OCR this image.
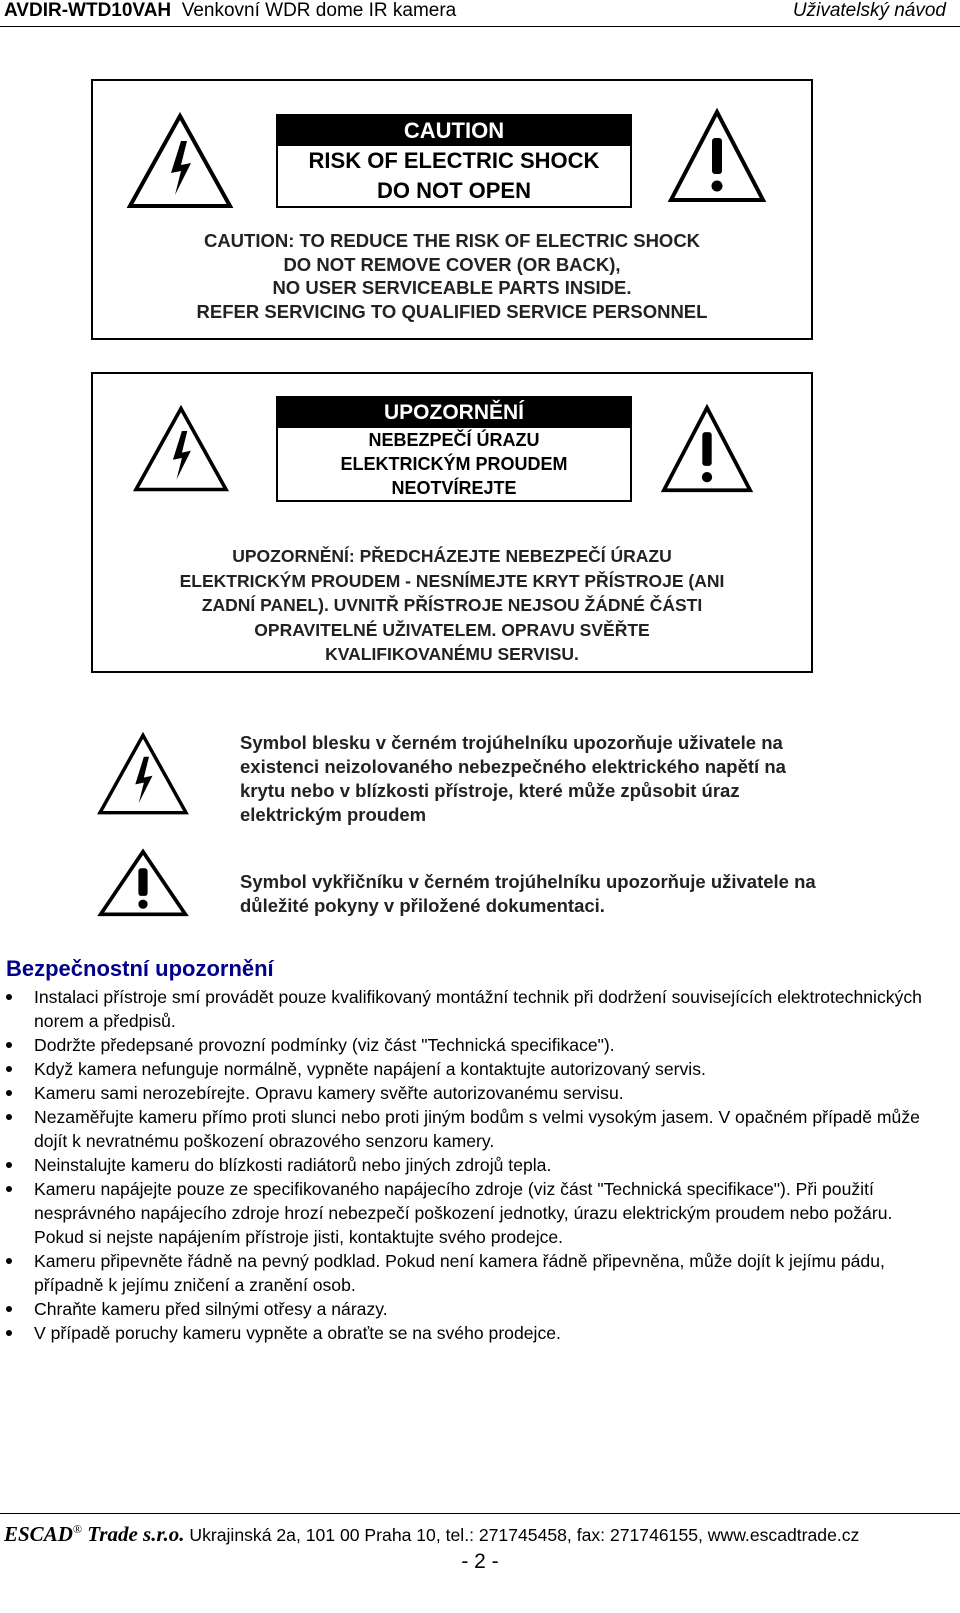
AVDIR-WTD10VAH Venkovní WDR dome IR kamera	Uživatelský návod
CAUTION
RISK OF ELECTRIC SHOCK
DO NOT OPEN
CAUTION: TO REDUCE THE RISK OF ELECTRIC SHOCK
DO NOT REMOVE COVER (OR BACK),
NO USER SERVICEABLE PARTS INSIDE.
REFER SERVICING TO QUALIFIED SERVICE PERSONNEL
UPOZORNĚNÍ
NEBEZPEČÍ ÚRAZU
ELEKTRICKÝM PROUDEM
NEOTVÍREJTE
UPOZORNĚNÍ: PŘEDCHÁZEJTE NEBEZPEČÍ ÚRAZU
ELEKTRICKÝM PROUDEM - NESNÍMEJTE KRYT PŘÍSTROJE (ANI
ZADNÍ PANEL). UVNITŘ PŘÍSTROJE NEJSOU ŽÁDNÉ ČÁSTI
OPRAVITELNÉ UŽIVATELEM. OPRAVU SVĚŘTE
KVALIFIKOVANÉMU SERVISU.
Symbol blesku v černém trojúhelníku upozorňuje uživatele na
existenci neizolovaného nebezpečného elektrického napětí na
krytu nebo v blízkosti přístroje, které může způsobit úraz
elektrickým proudem
Symbol vykřičníku v černém trojúhelníku upozorňuje uživatele na
důležité pokyny v přiložené dokumentaci.
Bezpečnostní upozornění
Instalaci přístroje smí provádět pouze kvalifikovaný montážní technik při dodržení souvisejících elektrotechnických norem a předpisů.
Dodržte předepsané provozní podmínky (viz část "Technická specifikace").
Když kamera nefunguje normálně, vypněte napájení a kontaktujte autorizovaný servis.
Kameru sami nerozebírejte. Opravu kamery svěřte autorizovanému servisu.
Nezaměřujte kameru přímo proti slunci nebo proti jiným bodům s velmi vysokým jasem. V opačném případě může dojít k nevratnému poškození obrazového senzoru kamery.
Neinstalujte kameru do blízkosti radiátorů nebo jiných zdrojů tepla.
Kameru napájejte pouze ze specifikovaného napájecího zdroje (viz část "Technická specifikace"). Při použití nesprávného napájecího zdroje hrozí nebezpečí poškození jednotky, úrazu elektrickým proudem nebo požáru. Pokud si nejste napájením přístroje jisti, kontaktujte svého prodejce.
Kameru připevněte řádně na pevný podklad. Pokud není kamera řádně připevněna, může dojít k jejímu pádu, případně k jejímu zničení a zranění osob.
Chraňte kameru před silnými otřesy a nárazy.
V případě poruchy kameru vypněte a obraťte se na svého prodejce.
ESCAD® Trade s.r.o. Ukrajinská 2a, 101 00 Praha 10, tel.: 271745458, fax: 271746155, www.escadtrade.cz
- 2 -
